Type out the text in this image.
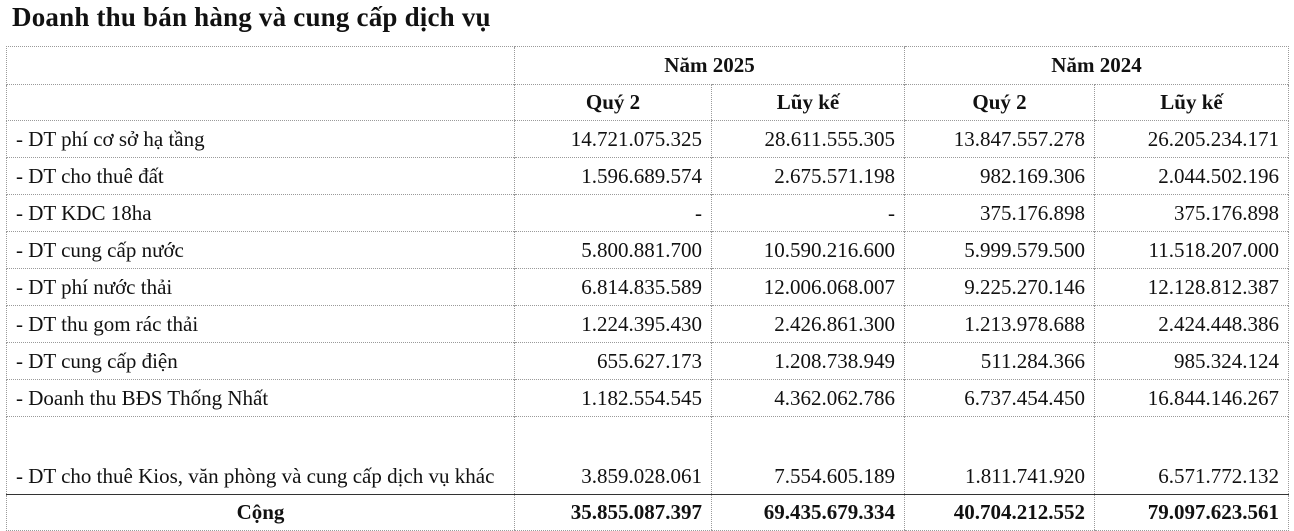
Doanh thu bán hàng và cung cấp dịch vụ
	Năm 2025		Năm 2024	
	Quý 2	Lũy kế	Quý 2	Lũy kế
- DT phí cơ sở hạ tầng	14.721.075.325	28.611.555.305	13.847.557.278	26.205.234.171
- DT cho thuê đất	1.596.689.574	2.675.571.198	982.169.306	2.044.502.196
- DT KDC 18ha	-	-	375.176.898	375.176.898
- DT cung cấp nước	5.800.881.700	10.590.216.600	5.999.579.500	11.518.207.000
- DT phí nước thải	6.814.835.589	12.006.068.007	9.225.270.146	12.128.812.387
- DT thu gom rác thải	1.224.395.430	2.426.861.300	1.213.978.688	2.424.448.386
- DT cung cấp điện	655.627.173	1.208.738.949	511.284.366	985.324.124
- Doanh thu BĐS Thống Nhất	1.182.554.545	4.362.062.786	6.737.454.450	16.844.146.267
- DT cho thuê Kios, văn phòng và cung cấp dịch vụ khác	3.859.028.061	7.554.605.189	1.811.741.920	6.571.772.132
Cộng	35.855.087.397	69.435.679.334	40.704.212.552	79.097.623.561
